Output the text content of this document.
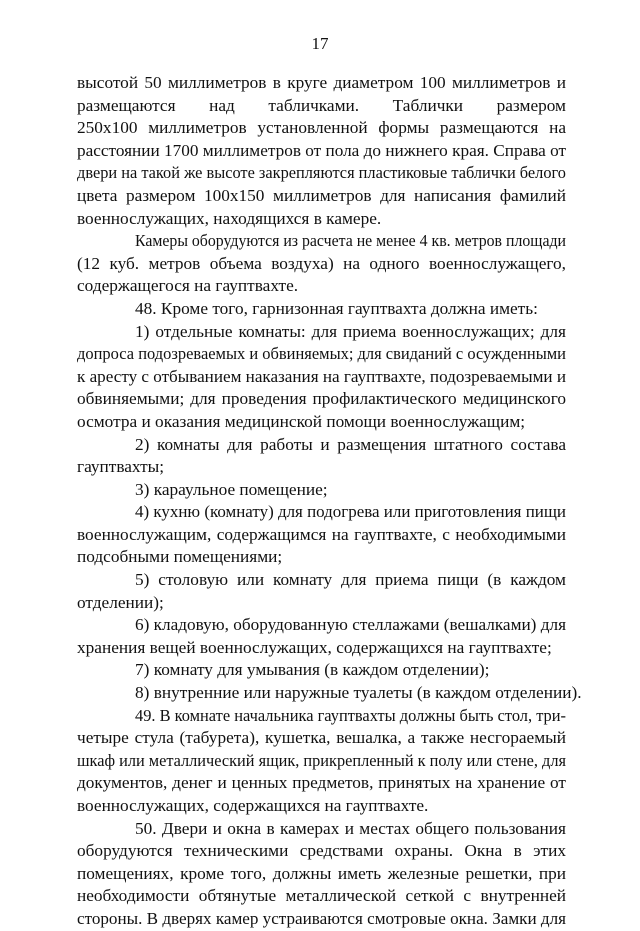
17
высотой 50 миллиметров в круге диаметром 100 миллиметров и
размещаются над табличками. Таблички размером
250x100 миллиметров установленной формы размещаются на
расстоянии 1700 миллиметров от пола до нижнего края. Справа от
двери на такой же высоте закрепляются пластиковые таблички белого
цвета размером 100x150 миллиметров для написания фамилий
военнослужащих, находящихся в камере.
Камеры оборудуются из расчета не менее 4 кв. метров площади
(12 куб. метров объема воздуха) на одного военнослужащего,
содержащегося на гауптвахте.
48. Кроме того, гарнизонная гауптвахта должна иметь:
1) отдельные комнаты: для приема военнослужащих; для
допроса подозреваемых и обвиняемых; для свиданий с осужденными
к аресту с отбыванием наказания на гауптвахте, подозреваемыми и
обвиняемыми; для проведения профилактического медицинского
осмотра и оказания медицинской помощи военнослужащим;
2) комнаты для работы и размещения штатного состава
гауптвахты;
3) караульное помещение;
4) кухню (комнату) для подогрева или приготовления пищи
военнослужащим, содержащимся на гауптвахте, с необходимыми
подсобными помещениями;
5) столовую или комнату для приема пищи (в каждом
отделении);
6) кладовую, оборудованную стеллажами (вешалками) для
хранения вещей военнослужащих, содержащихся на гауптвахте;
7) комнату для умывания (в каждом отделении);
8) внутренние или наружные туалеты (в каждом отделении).
49. В комнате начальника гауптвахты должны быть стол, три-
четыре стула (табурета), кушетка, вешалка, а также несгораемый
шкаф или металлический ящик, прикрепленный к полу или стене, для
документов, денег и ценных предметов, принятых на хранение от
военнослужащих, содержащихся на гауптвахте.
50. Двери и окна в камерах и местах общего пользования
оборудуются техническими средствами охраны. Окна в этих
помещениях, кроме того, должны иметь железные решетки, при
необходимости обтянутые металлической сеткой с внутренней
стороны. В дверях камер устраиваются смотровые окна. Замки для
